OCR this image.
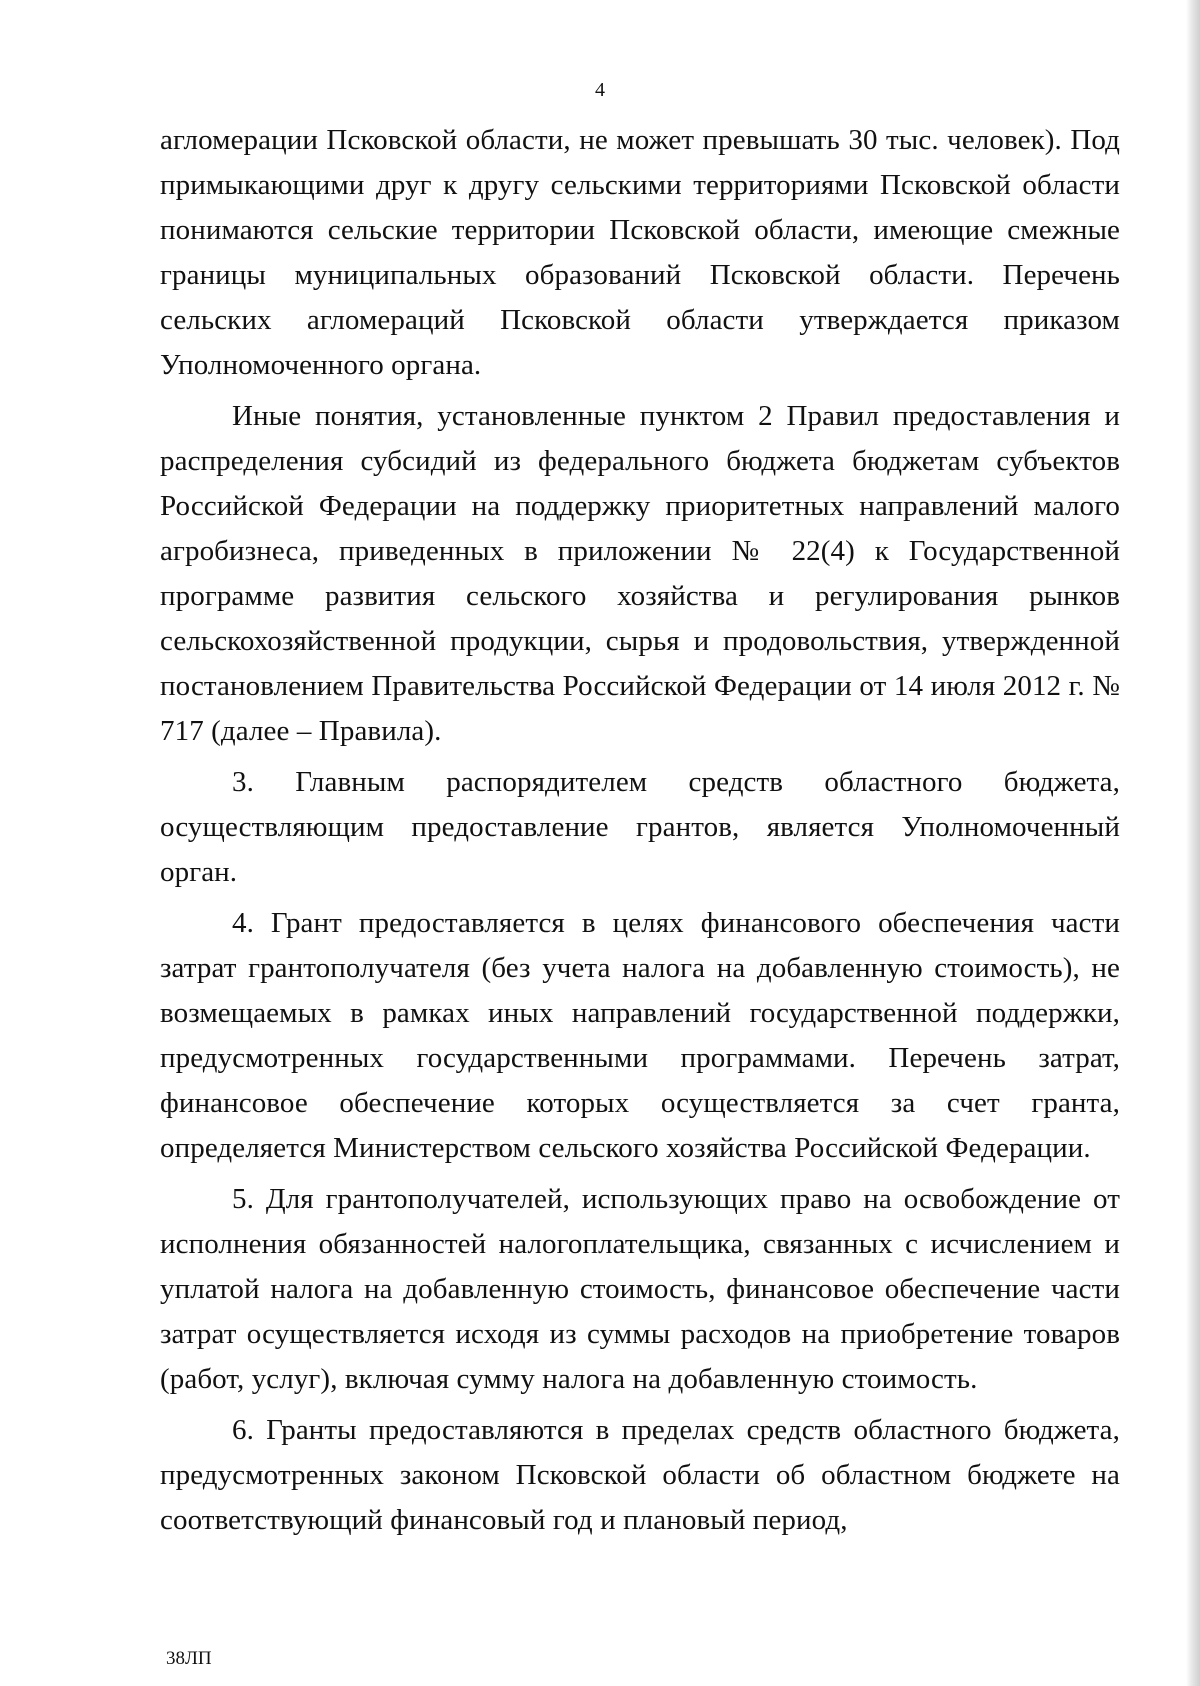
4

агломерации Псковской области, не может превышать 30 тыс. человек). Под примыкающими друг к другу сельскими территориями Псковской области понимаются сельские территории Псковской области, имеющие смежные границы муниципальных образований Псковской области. Перечень сельских агломераций Псковской области утверждается приказом Уполномоченного органа.

Иные понятия, установленные пунктом 2 Правил предоставления и распределения субсидий из федерального бюджета бюджетам субъектов Российской Федерации на поддержку приоритетных направлений малого агробизнеса, приведенных в приложении № 22(4) к Государственной программе развития сельского хозяйства и регулирования рынков сельскохозяйственной продукции, сырья и продовольствия, утвержденной постановлением Правительства Российской Федерации от 14 июля 2012 г. № 717 (далее – Правила).

3. Главным распорядителем средств областного бюджета, осуществляющим предоставление грантов, является Уполномоченный орган.

4. Грант предоставляется в целях финансового обеспечения части затрат грантополучателя (без учета налога на добавленную стоимость), не возмещаемых в рамках иных направлений государственной поддержки, предусмотренных государственными программами. Перечень затрат, финансовое обеспечение которых осуществляется за счет гранта, определяется Министерством сельского хозяйства Российской Федерации.

5. Для грантополучателей, использующих право на освобождение от исполнения обязанностей налогоплательщика, связанных с исчислением и уплатой налога на добавленную стоимость, финансовое обеспечение части затрат осуществляется исходя из суммы расходов на приобретение товаров (работ, услуг), включая сумму налога на добавленную стоимость.

6. Гранты предоставляются в пределах средств областного бюджета, предусмотренных законом Псковской области об областном бюджете на соответствующий финансовый год и плановый период,

38ЛП
